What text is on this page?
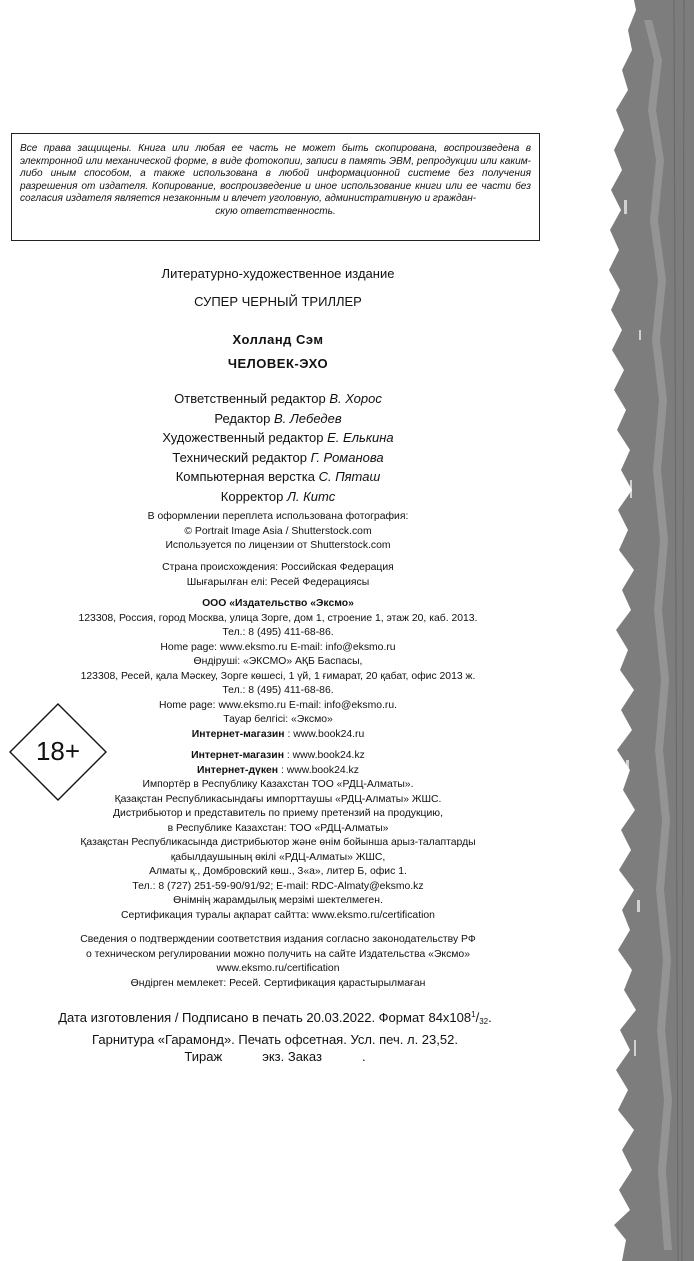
Все права защищены. Книга или любая ее часть не может быть скопирована, воспроизведена в электронной или механической форме, в виде фотокопии, записи в память ЭВМ, репродукции или каким-либо иным способом, а также использована в любой информационной системе без получения разрешения от издателя. Копирование, воспроизведение и иное использование книги или ее части без согласия издателя является незаконным и влечет уголовную, административную и граждан-
скую ответственность.
Литературно-художественное издание
СУПЕР ЧЕРНЫЙ ТРИЛЛЕР
Холланд Сэм
ЧЕЛОВЕК-ЭХО
Ответственный редактор В. Хорос
Редактор В. Лебедев
Художественный редактор Е. Елькина
Технический редактор Г. Романова
Компьютерная верстка С. Пяташ
Корректор Л. Китс
В оформлении переплета использована фотография:
© Portrait Image Asia / Shutterstock.com
Используется по лицензии от Shutterstock.com
Страна происхождения: Российская Федерация
Шығарылған елі: Ресей Федерациясы
ООО «Издательство «Эксмо»
123308, Россия, город Москва, улица Зорге, дом 1, строение 1, этаж 20, каб. 2013.
Тел.: 8 (495) 411-68-86.
Home page: www.eksmo.ru E-mail: info@eksmo.ru
Өндіруші: «ЭКСМО» АҚБ Баспасы,
123308, Ресей, қала Мәскеу, Зорге көшесі, 1 үй, 1 ғимарат, 20 қабат, офис 2013 ж.
Тел.: 8 (495) 411-68-86.
Home page: www.eksmo.ru E-mail: info@eksmo.ru.
Тауар белгісі: «Эксмо»
Интернет-магазин : www.book24.ru
18+	Интернет-магазин : www.book24.kz
Интернет-дүкен : www.book24.kz
Импортёр в Республику Казахстан ТОО «РДЦ-Алматы».
Қазақстан Республикасындағы импорттаушы «РДЦ-Алматы» ЖШС.
Дистрибьютор и представитель по приему претензий на продукцию,
в Республике Казахстан: ТОО «РДЦ-Алматы»
Қазақстан Республикасында дистрибьютор және өнім бойынша арыз-талаптарды
қабылдаушының өкілі «РДЦ-Алматы» ЖШС,
Алматы қ., Домбровский көш., 3«а», литер Б, офис 1.
Тел.: 8 (727) 251-59-90/91/92; E-mail: RDC-Almaty@eksmo.kz
Өнімнің жарамдылық мерзімі шектелмеген.
Сертификация туралы ақпарат сайтта: www.eksmo.ru/certification
Сведения о подтверждении соответствия издания согласно законодательству РФ
о техническом регулировании можно получить на сайте Издательства «Эксмо»
www.eksmo.ru/certification
Өндірген мемлекет: Ресей. Сертификация қарастырылмаған
Дата изготовления / Подписано в печать 20.03.2022. Формат $84x108^1/_{32}$.
Гарнитура «Гарамонд». Печать офсетная. Усл. печ. л. 23,52.
Тираж	экз. Заказ	.
